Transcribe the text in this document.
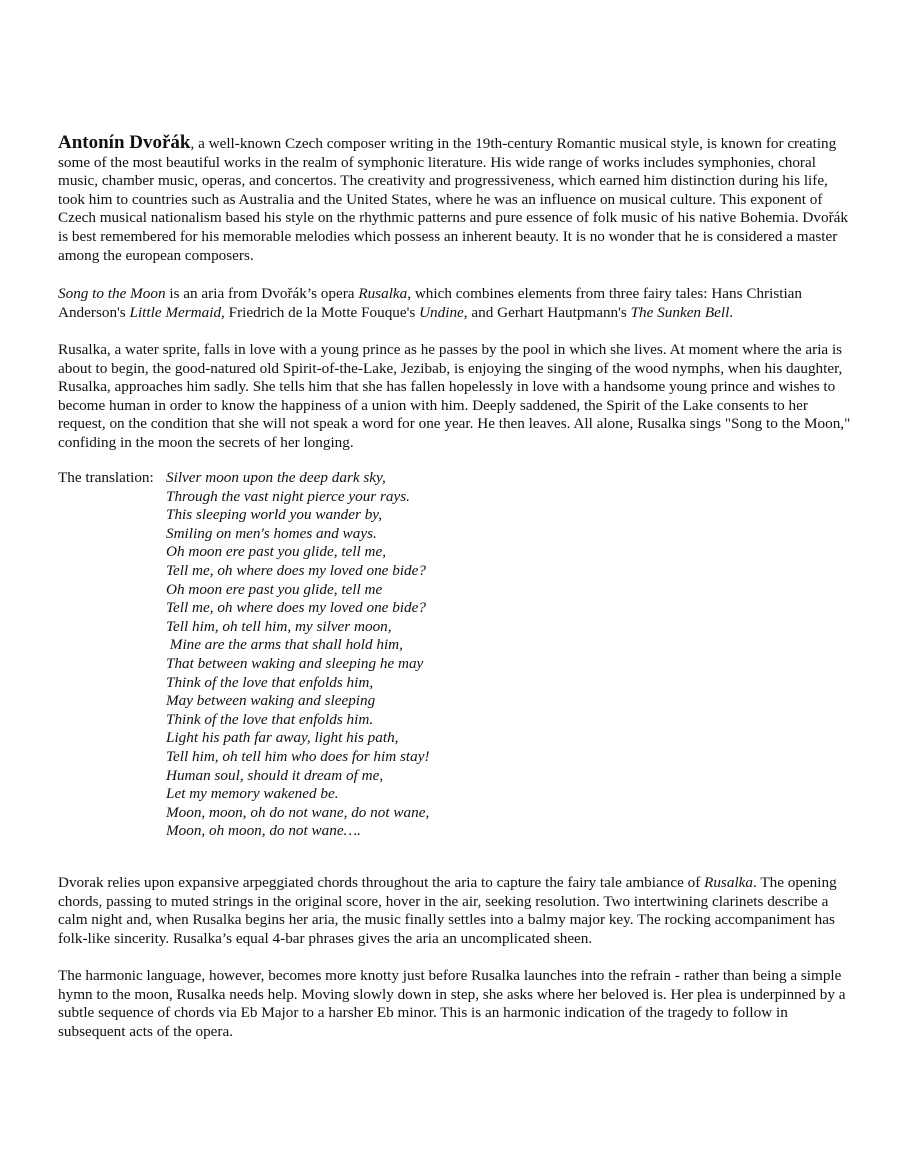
Antonín Dvořák, a well-known Czech composer writing in the 19th-century Romantic musical style, is known for creating some of the most beautiful works in the realm of symphonic literature. His wide range of works includes symphonies, choral music, chamber music, operas, and concertos. The creativity and progressiveness, which earned him distinction during his life, took him to countries such as Australia and the United States, where he was an influence on musical culture. This exponent of Czech musical nationalism based his style on the rhythmic patterns and pure essence of folk music of his native Bohemia. Dvořák is best remembered for his memorable melodies which possess an inherent beauty. It is no wonder that he is considered a master among the european composers.

Song to the Moon is an aria from Dvořák’s opera Rusalka, which combines elements from three fairy tales: Hans Christian Anderson's Little Mermaid, Friedrich de la Motte Fouque's Undine, and Gerhart Hautpmann's The Sunken Bell.

Rusalka, a water sprite, falls in love with a young prince as he passes by the pool in which she lives. At moment where the aria is about to begin, the good-natured old Spirit-of-the-Lake, Jezibab, is enjoying the singing of the wood nymphs, when his daughter, Rusalka, approaches him sadly. She tells him that she has fallen hopelessly in love with a handsome young prince and wishes to become human in order to know the happiness of a union with him. Deeply saddened, the Spirit of the Lake consents to her request, on the condition that she will not speak a word for one year. He then leaves. All alone, Rusalka sings "Song to the Moon," confiding in the moon the secrets of her longing.

The translation: Silver moon upon the deep dark sky,
Through the vast night pierce your rays.
This sleeping world you wander by,
Smiling on men's homes and ways.
Oh moon ere past you glide, tell me,
Tell me, oh where does my loved one bide?
Oh moon ere past you glide, tell me
Tell me, oh where does my loved one bide?
Tell him, oh tell him, my silver moon,
Mine are the arms that shall hold him,
That between waking and sleeping he may
Think of the love that enfolds him,
May between waking and sleeping
Think of the love that enfolds him.
Light his path far away, light his path,
Tell him, oh tell him who does for him stay!
Human soul, should it dream of me,
Let my memory wakened be.
Moon, moon, oh do not wane, do not wane,
Moon, oh moon, do not wane….

Dvorak relies upon expansive arpeggiated chords throughout the aria to capture the fairy tale ambiance of Rusalka. The opening chords, passing to muted strings in the original score, hover in the air, seeking resolution. Two intertwining clarinets describe a calm night and, when Rusalka begins her aria, the music finally settles into a balmy major key. The rocking accompaniment has folk-like sincerity. Rusalka’s equal 4-bar phrases gives the aria an uncomplicated sheen.

The harmonic language, however, becomes more knotty just before Rusalka launches into the refrain - rather than being a simple hymn to the moon, Rusalka needs help. Moving slowly down in step, she asks where her beloved is. Her plea is underpinned by a subtle sequence of chords via Eb Major to a harsher Eb minor. This is an harmonic indication of the tragedy to follow in subsequent acts of the opera.
